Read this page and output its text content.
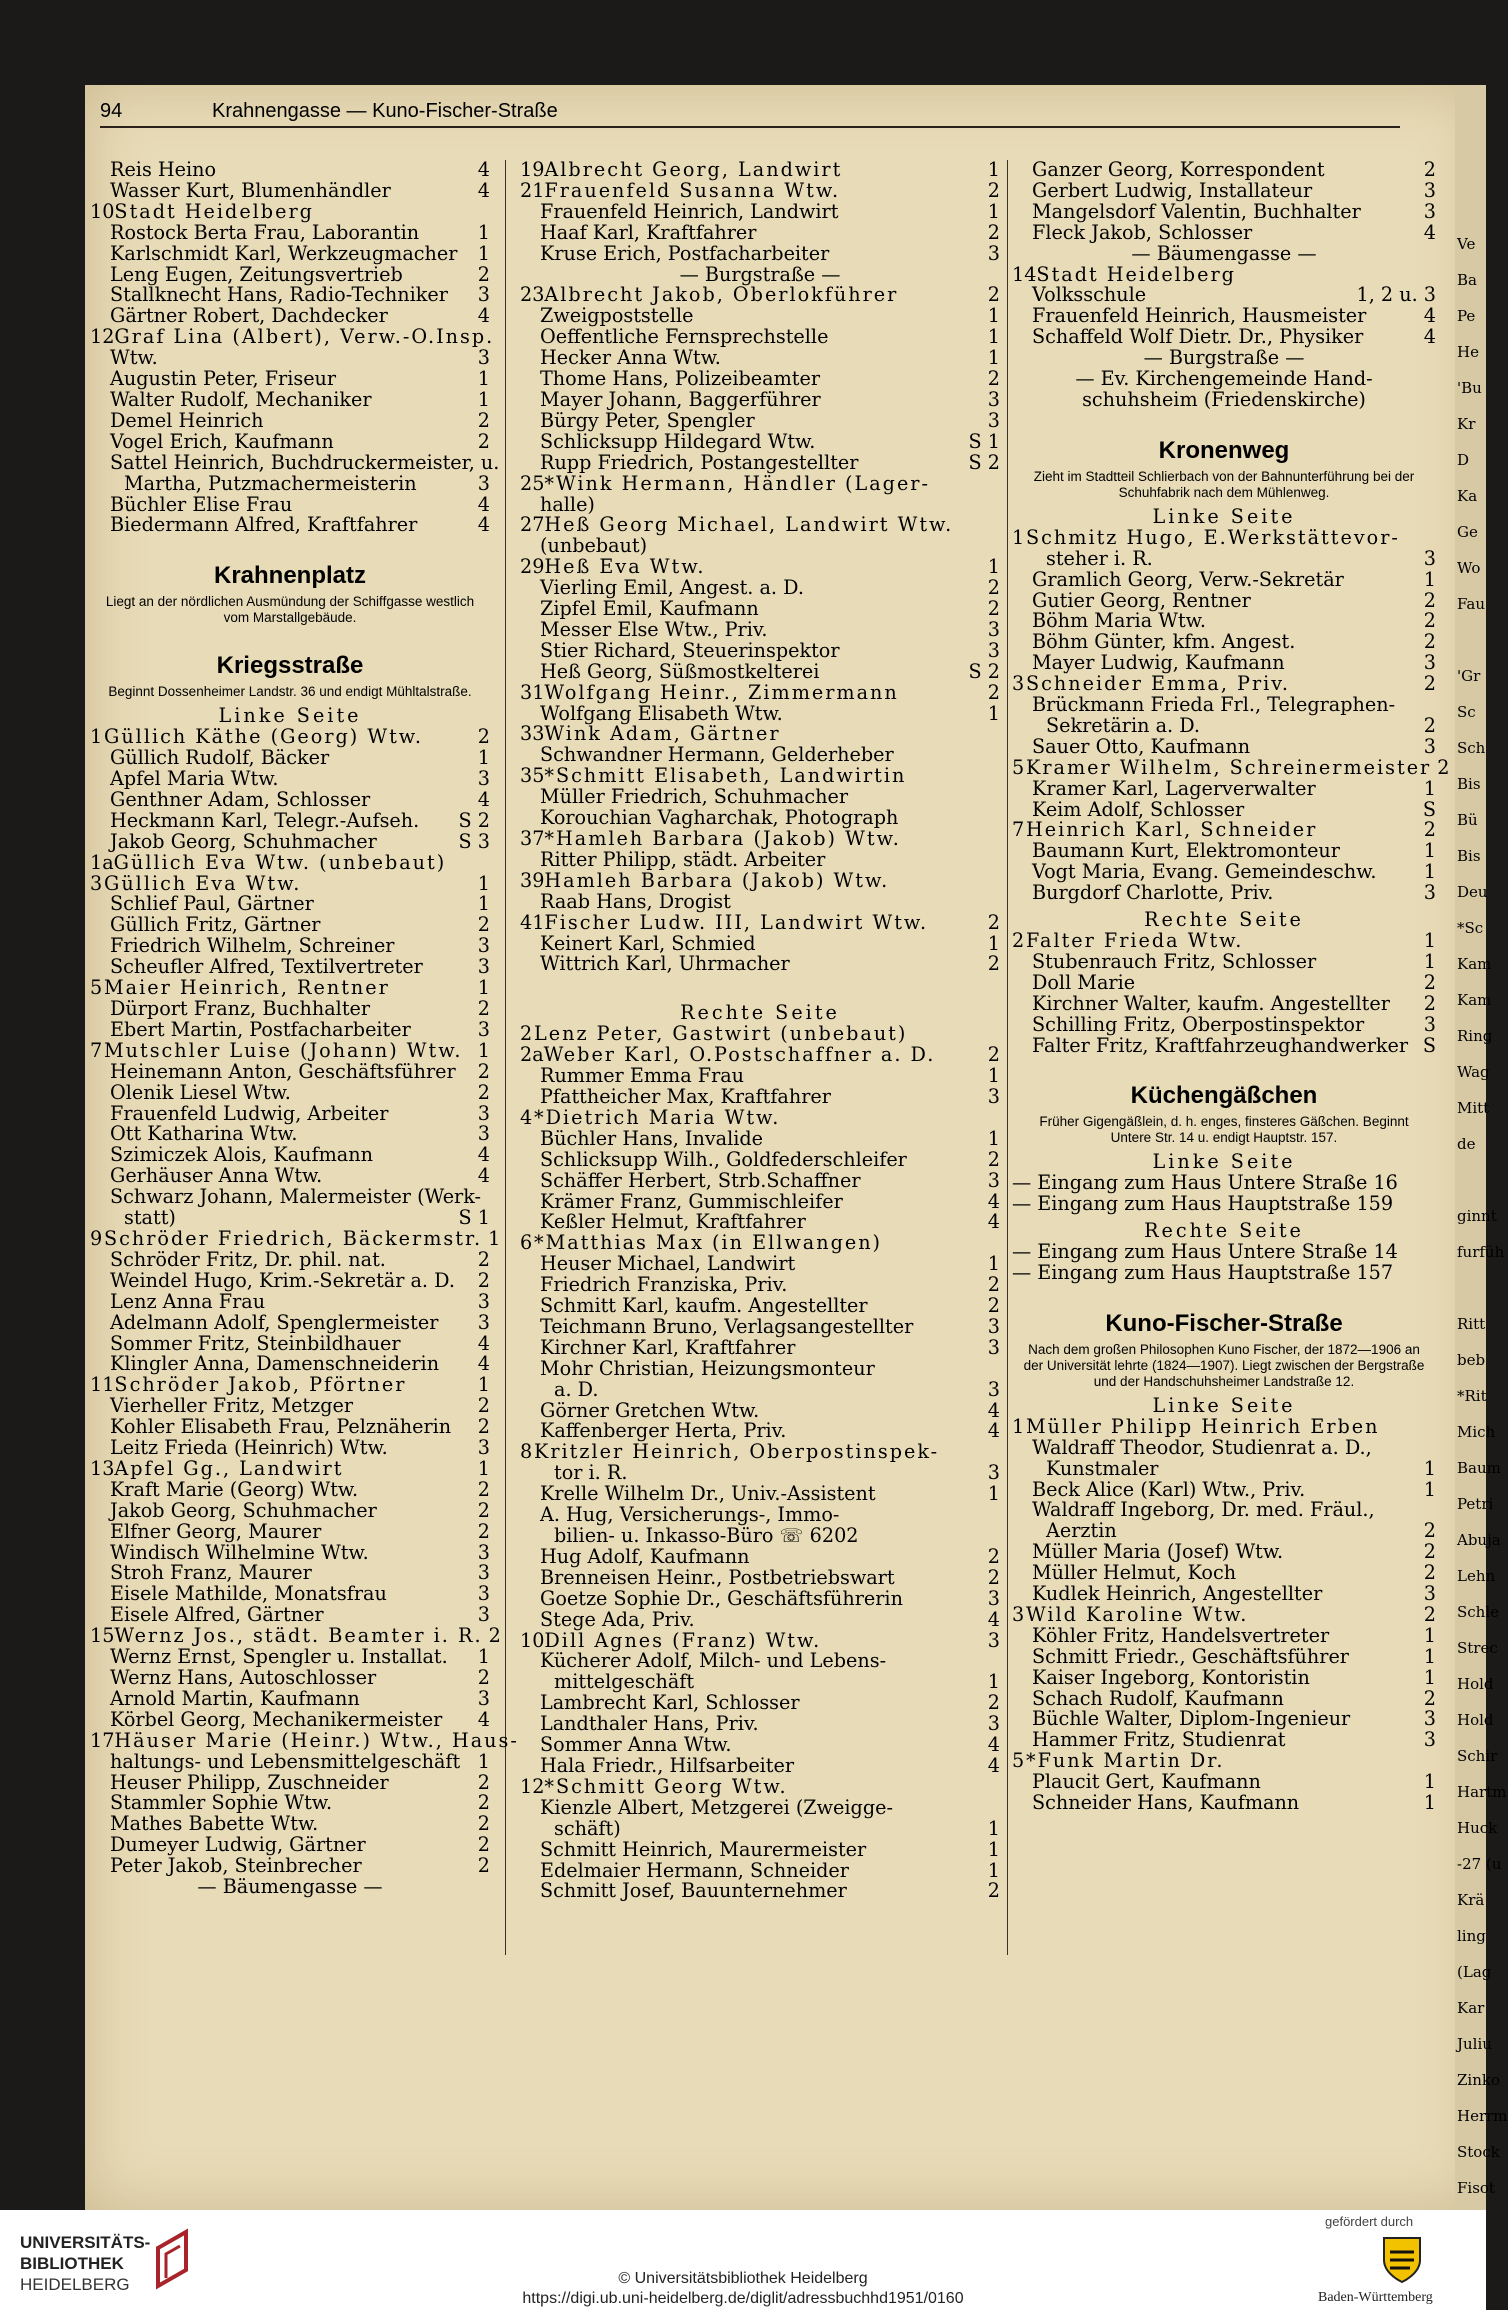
Ve
Ba
Pe
He
'Bu
Kr
D
Ka
Ge
Wo
Fau
'Gr
Sc
Sch
Bis
Bü
Bis
Deu
*Sc
Kam
Kam
Ring
Wag
Mitt
de
ginnt
furfüh
Ritt
beb
*Rit
Mich
Baum
Petri
Abuja
Lehn
Schle
Strec
Hold
Hold
Schir
Hartm
Huck
-27 (u
Krä
ling
(Lag
Kar
Juliu
Zinko
Herrm
Stock
Fisot
94	Krahnengasse — Kuno-Fischer-Straße
Reis Heino	4
Wasser Kurt, Blumenhändler	4
10Stadt Heidelberg
Rostock Berta Frau, Laborantin	1
Karlschmidt Karl, Werkzeugmacher	1
Leng Eugen, Zeitungsvertrieb	2
Stallknecht Hans, Radio-Techniker	3
Gärtner Robert, Dachdecker	4
12Graf Lina (Albert), Verw.-O.Insp.
Wtw.	3
Augustin Peter, Friseur	1
Walter Rudolf, Mechaniker	1
Demel Heinrich	2
Vogel Erich, Kaufmann	2
Sattel Heinrich, Buchdruckermeister, u.
Martha, Putzmachermeisterin	3
Büchler Elise Frau	4
Biedermann Alfred, Kraftfahrer	4
Krahnenplatz
Liegt an der nördlichen Ausmündung der Schiffgasse westlich vom Marstallgebäude.
Kriegsstraße
Beginnt Dossenheimer Landstr. 36 und endigt Mühltalstraße.
Linke Seite
1Güllich Käthe (Georg) Wtw.	2
Güllich Rudolf, Bäcker	1
Apfel Maria Wtw.	3
Genthner Adam, Schlosser	4
Heckmann Karl, Telegr.-Aufseh.	S 2
Jakob Georg, Schuhmacher	S 3
1aGüllich Eva Wtw. (unbebaut)
3Güllich Eva Wtw.	1
Schlief Paul, Gärtner	1
Güllich Fritz, Gärtner	2
Friedrich Wilhelm, Schreiner	3
Scheufler Alfred, Textilvertreter	3
5Maier Heinrich, Rentner	1
Dürport Franz, Buchhalter	2
Ebert Martin, Postfacharbeiter	3
7Mutschler Luise (Johann) Wtw. 1
Heinemann Anton, Geschäftsführer	2
Olenik Liesel Wtw.	2
Frauenfeld Ludwig, Arbeiter	3
Ott Katharina Wtw.	3
Szimiczek Alois, Kaufmann	4
Gerhäuser Anna Wtw.	4
Schwarz Johann, Malermeister (Werk-
statt)	S 1
9Schröder Friedrich, Bäckermstr. 1
Schröder Fritz, Dr. phil. nat.	2
Weindel Hugo, Krim.-Sekretär a. D.	2
Lenz Anna Frau	3
Adelmann Adolf, Spenglermeister	3
Sommer Fritz, Steinbildhauer	4
Klingler Anna, Damenschneiderin	4
11Schröder Jakob, Pförtner	1
Vierheller Fritz, Metzger	2
Kohler Elisabeth Frau, Pelznäherin	2
Leitz Frieda (Heinrich) Wtw.	3
13Apfel Gg., Landwirt	1
Kraft Marie (Georg) Wtw.	2
Jakob Georg, Schuhmacher	2
Elfner Georg, Maurer	2
Windisch Wilhelmine Wtw.	3
Stroh Franz, Maurer	3
Eisele Mathilde, Monatsfrau	3
Eisele Alfred, Gärtner	3
15Wernz Jos., städt. Beamter i. R. 2
Wernz Ernst, Spengler u. Installat.	1
Wernz Hans, Autoschlosser	2
Arnold Martin, Kaufmann	3
Körbel Georg, Mechanikermeister	4
17Häuser Marie (Heinr.) Wtw., Haus-
haltungs- und Lebensmittelgeschäft 1
Heuser Philipp, Zuschneider	2
Stammler Sophie Wtw.	2
Mathes Babette Wtw.	2
Dumeyer Ludwig, Gärtner	2
Peter Jakob, Steinbrecher	2
— Bäumengasse —
19Albrecht Georg, Landwirt	1
21Frauenfeld Susanna Wtw.	2
Frauenfeld Heinrich, Landwirt	1
Haaf Karl, Kraftfahrer	2
Kruse Erich, Postfacharbeiter	3
— Burgstraße —
23Albrecht Jakob, Oberlokführer	2
Zweigpoststelle	1
Oeffentliche Fernsprechstelle	1
Hecker Anna Wtw.	1
Thome Hans, Polizeibeamter	2
Mayer Johann, Baggerführer	3
Bürgy Peter, Spengler	3
Schlicksupp Hildegard Wtw.	S 1
Rupp Friedrich, Postangestellter	S 2
25*Wink Hermann, Händler (Lager-
halle)
27Heß Georg Michael, Landwirt Wtw.
(unbebaut)
29Heß Eva Wtw.	1
Vierling Emil, Angest. a. D.	2
Zipfel Emil, Kaufmann	2
Messer Else Wtw., Priv.	3
Stier Richard, Steuerinspektor	3
Heß Georg, Süßmostkelterei	S 2
31Wolfgang Heinr., Zimmermann	2
Wolfgang Elisabeth Wtw.	1
33Wink Adam, Gärtner
Schwandner Hermann, Gelderheber
35*Schmitt Elisabeth, Landwirtin
Müller Friedrich, Schuhmacher
Korouchian Vagharchak, Photograph
37*Hamleh Barbara (Jakob) Wtw.
Ritter Philipp, städt. Arbeiter
39Hamleh Barbara (Jakob) Wtw.
Raab Hans, Drogist
41Fischer Ludw. III, Landwirt Wtw.	2
Keinert Karl, Schmied	1
Wittrich Karl, Uhrmacher	2
Rechte Seite
2Lenz Peter, Gastwirt (unbebaut)
2aWeber Karl, O.Postschaffner a. D.	2
Rummer Emma Frau	1
Pfattheicher Max, Kraftfahrer	3
4*Dietrich Maria Wtw.
Büchler Hans, Invalide	1
Schlicksupp Wilh., Goldfederschleifer	2
Schäffer Herbert, Strb.Schaffner	3
Krämer Franz, Gummischleifer	4
Keßler Helmut, Kraftfahrer	4
6*Matthias Max (in Ellwangen)
Heuser Michael, Landwirt	1
Friedrich Franziska, Priv.	2
Schmitt Karl, kaufm. Angestellter	2
Teichmann Bruno, Verlagsangestellter	3
Kirchner Karl, Kraftfahrer	3
Mohr Christian, Heizungsmonteur
a. D.	3
Görner Gretchen Wtw.	4
Kaffenberger Herta, Priv.	4
8Kritzler Heinrich, Oberpostinspek-
tor i. R.	3
Krelle Wilhelm Dr., Univ.-Assistent	1
A. Hug, Versicherungs-, Immo-
bilien- u. Inkasso-Büro ☏ 6202
Hug Adolf, Kaufmann	2
Brenneisen Heinr., Postbetriebswart	2
Goetze Sophie Dr., Geschäftsführerin	3
Stege Ada, Priv.	4
10Dill Agnes (Franz) Wtw.	3
Kücherer Adolf, Milch- und Lebens-
mittelgeschäft	1
Lambrecht Karl, Schlosser	2
Landthaler Hans, Priv.	3
Sommer Anna Wtw.	4
Hala Friedr., Hilfsarbeiter	4
12*Schmitt Georg Wtw.
Kienzle Albert, Metzgerei (Zweigge-
schäft)	1
Schmitt Heinrich, Maurermeister	1
Edelmaier Hermann, Schneider	1
Schmitt Josef, Bauunternehmer	2
Ganzer Georg, Korrespondent	2
Gerbert Ludwig, Installateur	3
Mangelsdorf Valentin, Buchhalter	3
Fleck Jakob, Schlosser	4
— Bäumengasse —
14Stadt Heidelberg
Volksschule	1, 2 u. 3
Frauenfeld Heinrich, Hausmeister	4
Schaffeld Wolf Dietr. Dr., Physiker	4
— Burgstraße —
— Ev. Kirchengemeinde Hand-
schuhsheim (Friedenskirche)
Kronenweg
Zieht im Stadtteil Schlierbach von der Bahnunterführung bei der Schuhfabrik nach dem Mühlenweg.
Linke Seite
1Schmitz Hugo, E.Werkstättevor-
steher i. R.	3
Gramlich Georg, Verw.-Sekretär	1
Gutier Georg, Rentner	2
Böhm Maria Wtw.	2
Böhm Günter, kfm. Angest.	2
Mayer Ludwig, Kaufmann	3
3Schneider Emma, Priv.	2
Brückmann Frieda Frl., Telegraphen-
Sekretärin a. D.	2
Sauer Otto, Kaufmann	3
5Kramer Wilhelm, Schreinermeister 2
Kramer Karl, Lagerverwalter	1
Keim Adolf, Schlosser	S
7Heinrich Karl, Schneider	2
Baumann Kurt, Elektromonteur	1
Vogt Maria, Evang. Gemeindeschw.	1
Burgdorf Charlotte, Priv.	3
Rechte Seite
2Falter Frieda Wtw.	1
Stubenrauch Fritz, Schlosser	1
Doll Marie	2
Kirchner Walter, kaufm. Angestellter	2
Schilling Fritz, Oberpostinspektor	3
Falter Fritz, Kraftfahrzeughandwerker S
Küchengäßchen
Früher Gigengäßlein, d. h. enges, finsteres Gäßchen. Beginnt Untere Str. 14 u. endigt Hauptstr. 157.
Linke Seite
— Eingang zum Haus Untere Straße 16
— Eingang zum Haus Hauptstraße 159
Rechte Seite
— Eingang zum Haus Untere Straße 14
— Eingang zum Haus Hauptstraße 157
Kuno-Fischer-Straße
Nach dem großen Philosophen Kuno Fischer, der 1872—1906 an der Universität lehrte (1824—1907). Liegt zwischen der Bergstraße und der Handschuhsheimer Landstraße 12.
Linke Seite
1Müller Philipp Heinrich Erben
Waldraff Theodor, Studienrat a. D.,
Kunstmaler	1
Beck Alice (Karl) Wtw., Priv.	1
Waldraff Ingeborg, Dr. med. Fräul.,
Aerztin	2
Müller Maria (Josef) Wtw.	2
Müller Helmut, Koch	2
Kudlek Heinrich, Angestellter	3
3Wild Karoline Wtw.	2
Köhler Fritz, Handelsvertreter	1
Schmitt Friedr., Geschäftsführer	1
Kaiser Ingeborg, Kontoristin	1
Schach Rudolf, Kaufmann	2
Büchle Walter, Diplom-Ingenieur	3
Hammer Fritz, Studienrat	3
5*Funk Martin Dr.
Plaucit Gert, Kaufmann	1
Schneider Hans, Kaufmann	1
UNIVERSITÄTS-
BIBLIOTHEK
HEIDELBERG	© Universitätsbibliothek Heidelberg
https://digi.ub.uni-heidelberg.de/diglit/adressbuchhd1951/0160
gefördert durch
Baden-Württemberg
